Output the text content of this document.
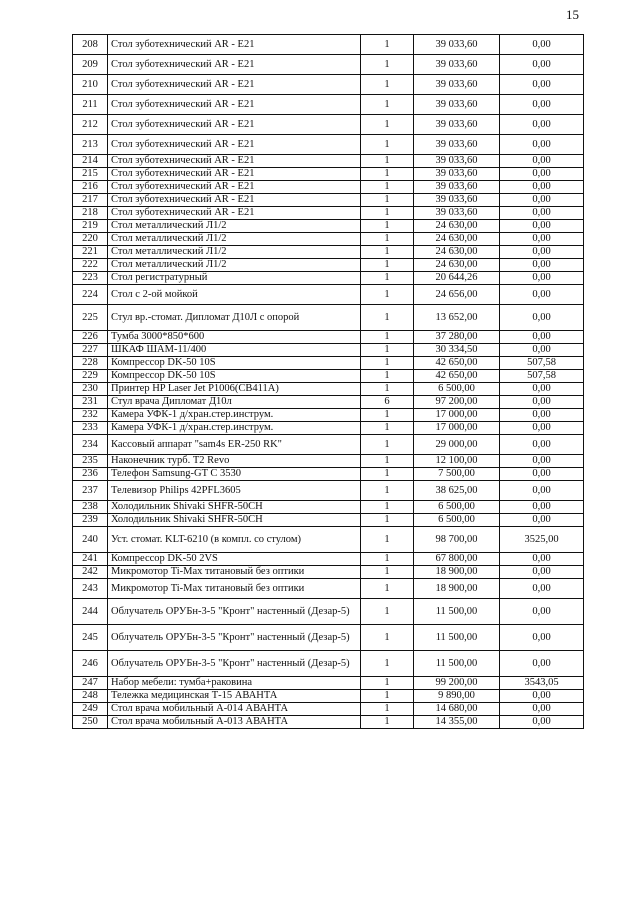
15
208	Стол зуботехнический AR - E21	1	39 033,60	0,00
209	Стол зуботехнический AR - E21	1	39 033,60	0,00
210	Стол зуботехнический AR - E21	1	39 033,60	0,00
211	Стол зуботехнический AR - E21	1	39 033,60	0,00
212	Стол зуботехнический AR - E21	1	39 033,60	0,00
213	Стол зуботехнический AR - E21	1	39 033,60	0,00
214	Стол зуботехнический AR - E21	1	39 033,60	0,00
215	Стол зуботехнический AR - E21	1	39 033,60	0,00
216	Стол зуботехнический AR - E21	1	39 033,60	0,00
217	Стол зуботехнический AR - E21	1	39 033,60	0,00
218	Стол зуботехнический AR - E21	1	39 033,60	0,00
219	Стол металлический Л1/2	1	24 630,00	0,00
220	Стол металлический Л1/2	1	24 630,00	0,00
221	Стол металлический Л1/2	1	24 630,00	0,00
222	Стол металлический Л1/2	1	24 630,00	0,00
223	Стол регистратурный	1	20 644,26	0,00
224	Стол с 2-ой мойкой	1	24 656,00	0,00
225	Стул вр.-стомат. Дипломат Д10Л с опорой	1	13 652,00	0,00
226	Тумба 3000*850*600	1	37 280,00	0,00
227	ШКАФ ШАМ-11/400	1	30 334,50	0,00
228	Компрессор DK-50 10S	1	42 650,00	507,58
229	Компрессор DK-50 10S	1	42 650,00	507,58
230	Принтер HP Laser Jet P1006(CB411A)	1	6 500,00	0,00
231	Стул врача Дипломат Д10л	6	97 200,00	0,00
232	Камера УФК-1 д/хран.стер.инструм.	1	17 000,00	0,00
233	Камера УФК-1 д/хран.стер.инструм.	1	17 000,00	0,00
234	Кассовый аппарат "sam4s ER-250 RK"	1	29 000,00	0,00
235	Наконечник турб. T2 Revo	1	12 100,00	0,00
236	Телефон Samsung-GT C 3530	1	7 500,00	0,00
237	Телевизор Philips 42PFL3605	1	38 625,00	0,00
238	Холодильник Shivaki SHFR-50CH	1	6 500,00	0,00
239	Холодильник Shivaki SHFR-50CH	1	6 500,00	0,00
240	Уст. стомат. KLT-6210 (в компл. со стулом)	1	98 700,00	3525,00
241	Компрессор DK-50 2VS	1	67 800,00	0,00
242	Микромотор Ti-Max титановый без оптики	1	18 900,00	0,00
243	Микромотор Ti-Max титановый без оптики	1	18 900,00	0,00
244	Облучатель ОРУБн-3-5 "Кронт" настенный (Дезар-5)	1	11 500,00	0,00
245	Облучатель ОРУБн-3-5 "Кронт" настенный (Дезар-5)	1	11 500,00	0,00
246	Облучатель ОРУБн-3-5 "Кронт" настенный (Дезар-5)	1	11 500,00	0,00
247	Набор мебели: тумба+раковина	1	99 200,00	3543,05
248	Тележка медицинская Т-15 АВАНТА	1	9 890,00	0,00
249	Стол врача мобильный А-014 АВАНТА	1	14 680,00	0,00
250	Стол врача мобильный А-013 АВАНТА	1	14 355,00	0,00
